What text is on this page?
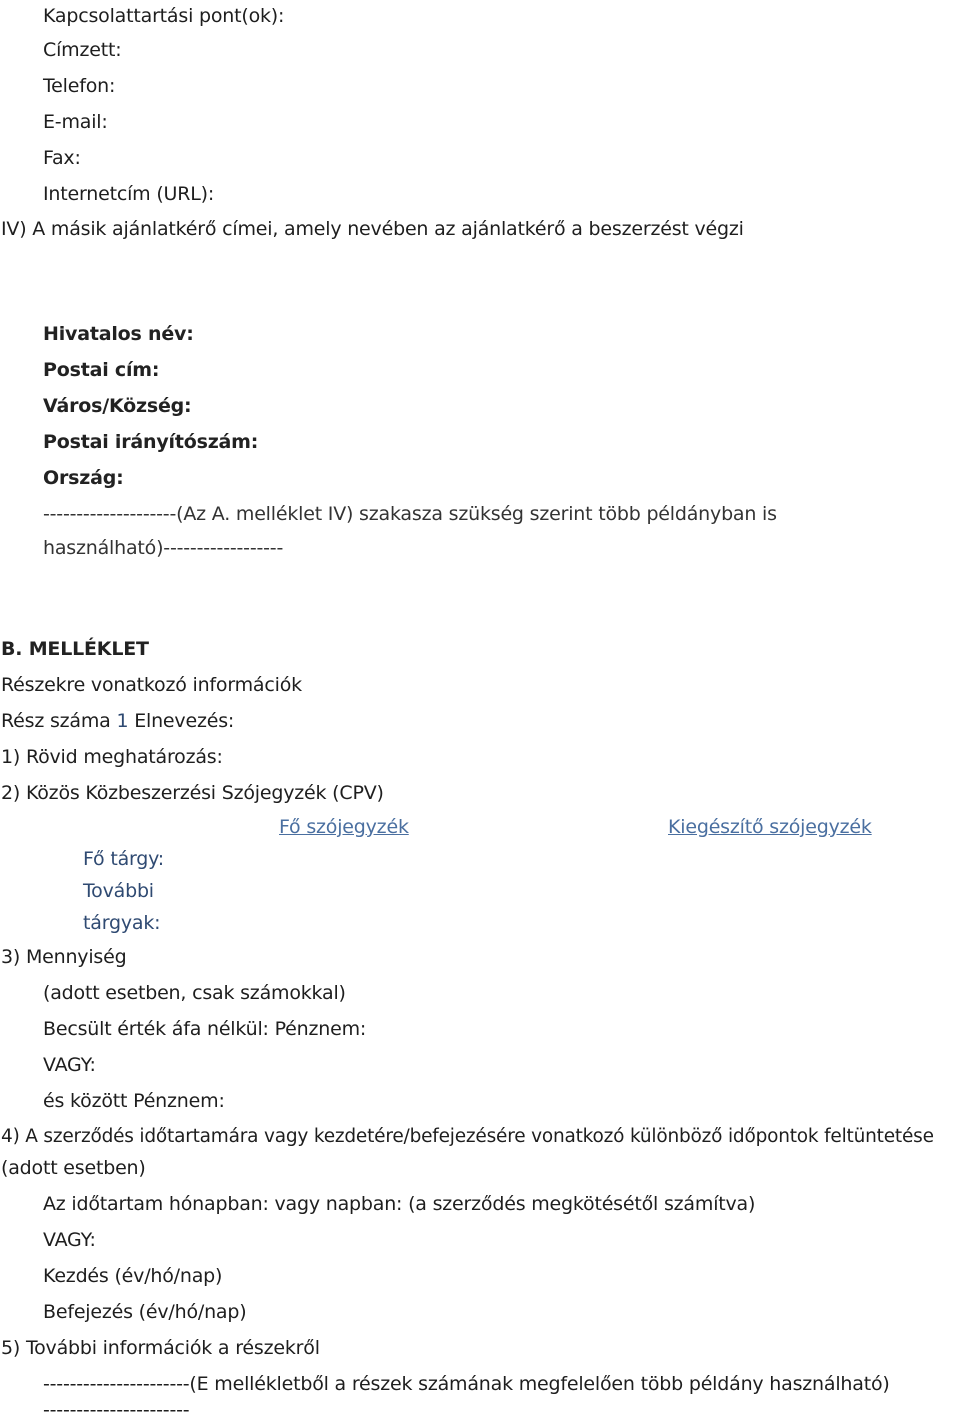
Kapcsolattartási pont(ok):
Címzett:
Telefon:
E-mail:
Fax:
Internetcím (URL):
IV) A másik ajánlatkérő címei, amely nevében az ajánlatkérő a beszerzést végzi
Hivatalos név:
Postai cím:
Város/Község:
Postai irányítószám:
Ország:
--------------------(Az A. melléklet IV) szakasza szükség szerint több példányban is
használható)------------------
B. MELLÉKLET
Részekre vonatkozó információk
Rész száma 1 Elnevezés:
1) Rövid meghatározás:
2) Közös Közbeszerzési Szójegyzék (CPV)
Fő szójegyzék	Kiegészítő szójegyzék
Fő tárgy:
További
tárgyak:
3) Mennyiség
(adott esetben, csak számokkal)
Becsült érték áfa nélkül: Pénznem:
VAGY:
és között Pénznem:
4) A szerződés időtartamára vagy kezdetére/befejezésére vonatkozó különböző időpontok feltüntetése
(adott esetben)
Az időtartam hónapban: vagy napban: (a szerződés megkötésétől számítva)
VAGY:
Kezdés (év/hó/nap)
Befejezés (év/hó/nap)
5) További információk a részekről
----------------------(E mellékletből a részek számának megfelelően több példány használható)
----------------------
